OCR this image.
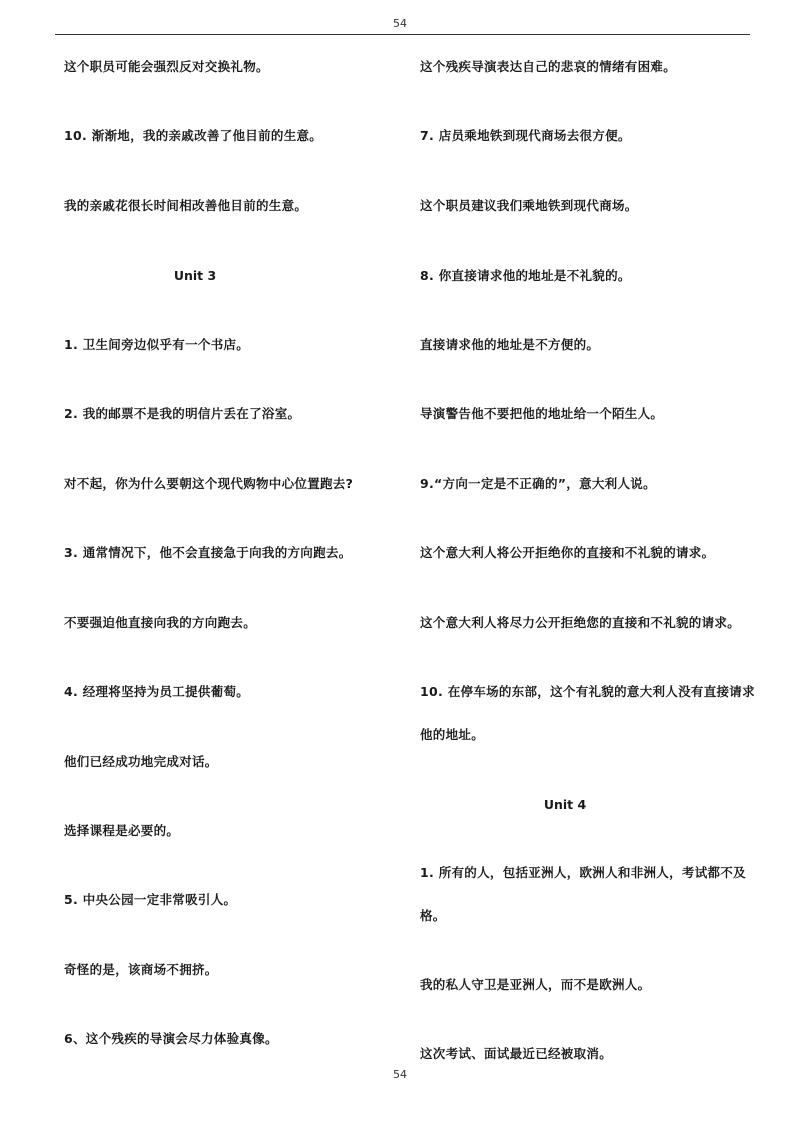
54
这个职员可能会强烈反对交换礼物。
10. 渐渐地，我的亲戚改善了他目前的生意。
我的亲戚花很长时间相改善他目前的生意。
Unit 3
1. 卫生间旁边似乎有一个书店。
2. 我的邮票不是我的明信片丢在了浴室。
对不起，你为什么要朝这个现代购物中心位置跑去?
3. 通常情况下，他不会直接急于向我的方向跑去。
不要强迫他直接向我的方向跑去。
4. 经理将坚持为员工提供葡萄。
他们已经成功地完成对话。
选择课程是必要的。
5. 中央公园一定非常吸引人。
奇怪的是，该商场不拥挤。
6、这个残疾的导演会尽力体验真像。
这个残疾导演表达自己的悲哀的情绪有困难。
7. 店员乘地铁到现代商场去很方便。
这个职员建议我们乘地铁到现代商场。
8. 你直接请求他的地址是不礼貌的。
直接请求他的地址是不方便的。
导演警告他不要把他的地址给一个陌生人。
9.“方向一定是不正确的”，意大利人说。
这个意大利人将公开拒绝你的直接和不礼貌的请求。
这个意大利人将尽力公开拒绝您的直接和不礼貌的请求。
10. 在停车场的东部，这个有礼貌的意大利人没有直接请求
他的地址。
Unit 4
1. 所有的人，包括亚洲人，欧洲人和非洲人，考试都不及
格。
我的私人守卫是亚洲人，而不是欧洲人。
这次考试、面试最近已经被取消。
54
